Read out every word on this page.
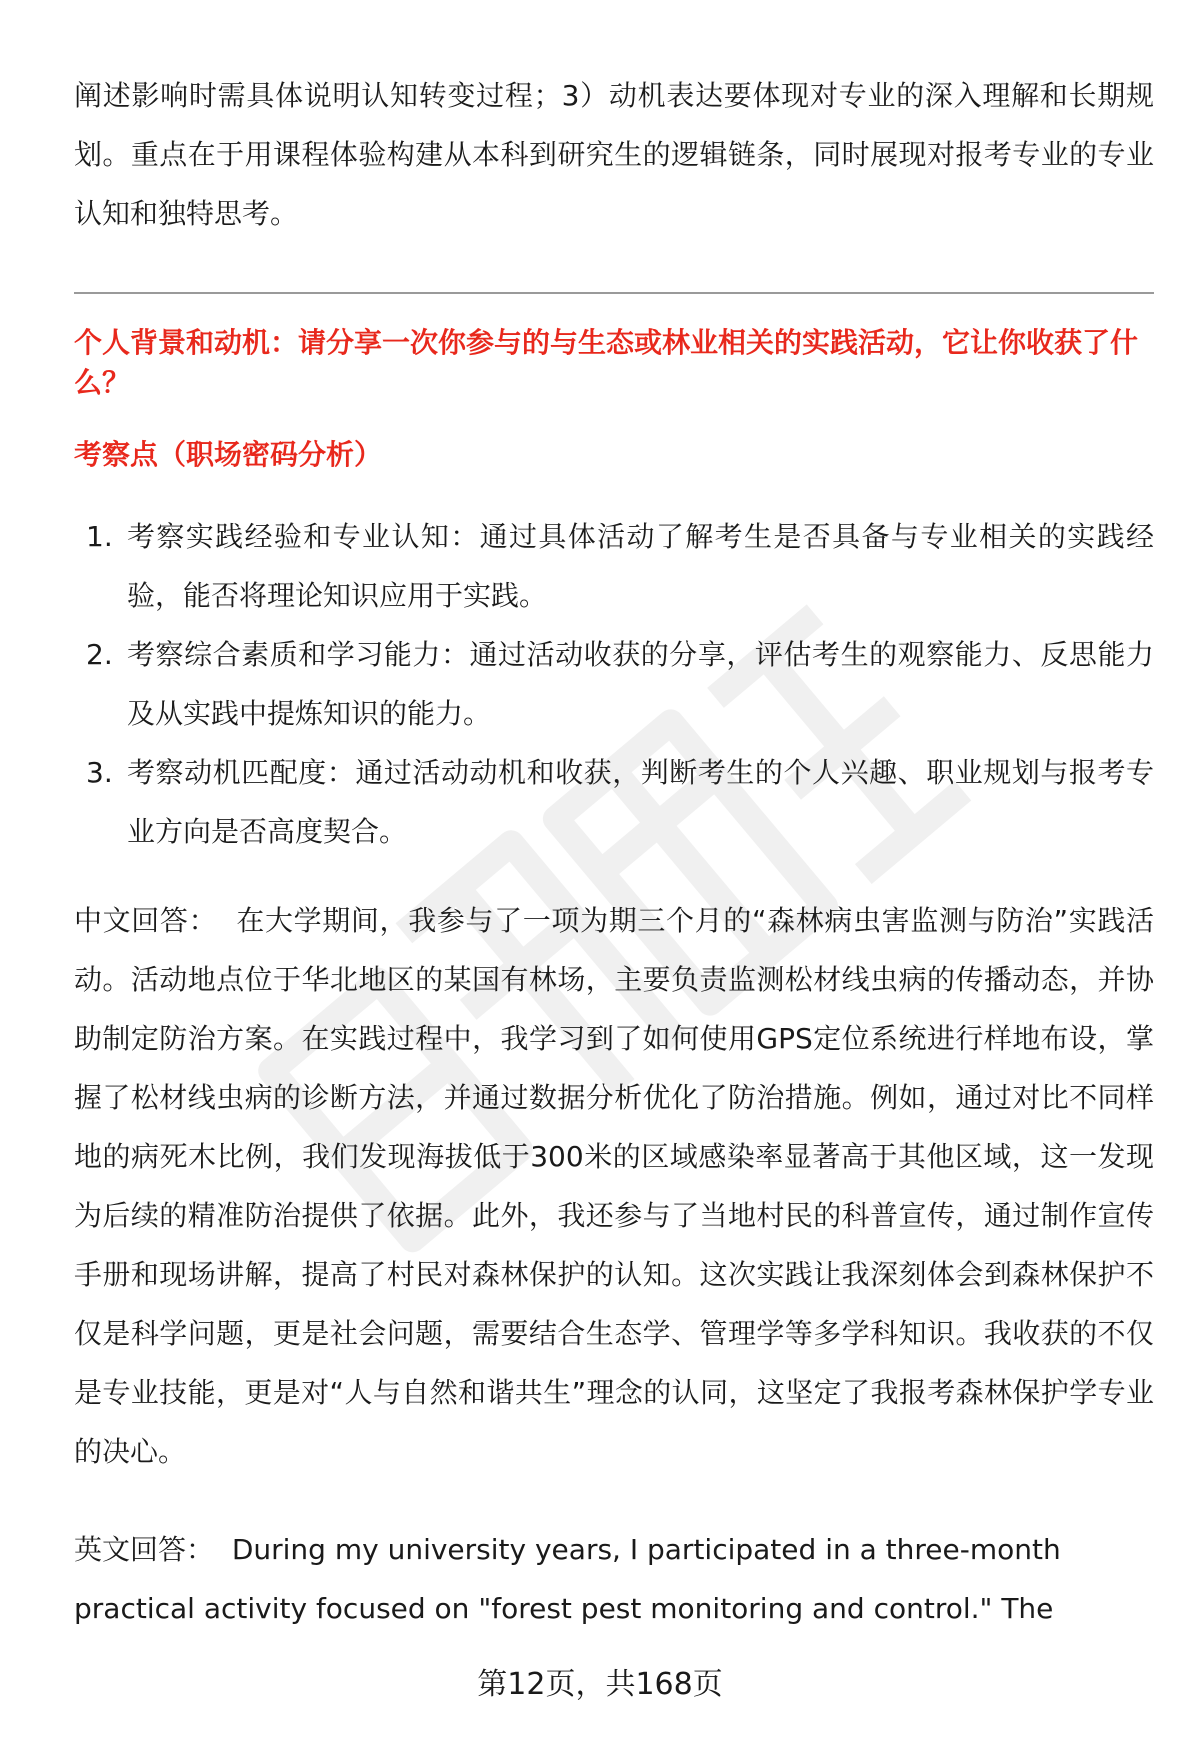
阐述影响时需具体说明认知转变过程；3）动机表达要体现对专业的深入理解和长期规划。重点在于用课程体验构建从本科到研究生的逻辑链条，同时展现对报考专业的专业认知和独特思考。

个人背景和动机：请分享一次你参与的与生态或林业相关的实践活动，它让你收获了什么？

考察点（职场密码分析）

1. 考察实践经验和专业认知：通过具体活动了解考生是否具备与专业相关的实践经验，能否将理论知识应用于实践。
2. 考察综合素质和学习能力：通过活动收获的分享，评估考生的观察能力、反思能力及从实践中提炼知识的能力。
3. 考察动机匹配度：通过活动动机和收获，判断考生的个人兴趣、职业规划与报考专业方向是否高度契合。

中文回答： 在大学期间，我参与了一项为期三个月的“森林病虫害监测与防治”实践活动。活动地点位于华北地区的某国有林场，主要负责监测松材线虫病的传播动态，并协助制定防治方案。在实践过程中，我学习到了如何使用GPS定位系统进行样地布设，掌握了松材线虫病的诊断方法，并通过数据分析优化了防治措施。例如，通过对比不同样地的病死木比例，我们发现海拔低于300米的区域感染率显著高于其他区域，这一发现为后续的精准防治提供了依据。此外，我还参与了当地村民的科普宣传，通过制作宣传手册和现场讲解，提高了村民对森林保护的认知。这次实践让我深刻体会到森林保护不仅是科学问题，更是社会问题，需要结合生态学、管理学等多学科知识。我收获的不仅是专业技能，更是对“人与自然和谐共生”理念的认同，这坚定了我报考森林保护学专业的决心。

英文回答： During my university years, I participated in a three-month practical activity focused on "forest pest monitoring and control." The

第12页，共168页
